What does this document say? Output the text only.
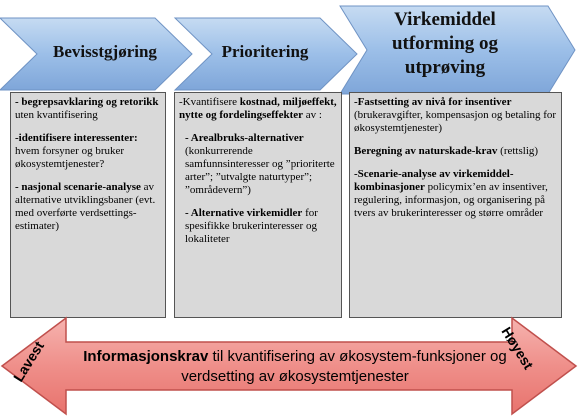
Bevisstgjøring	Prioritering
Virkemiddel
utforming og
utprøving
- begrepsavklaring og retorikk uten kvantifisering
-identifisere interessenter: hvem forsyner og bruker økosystemtjenester?
- nasjonal scenarie-analyse av alternative utviklingsbaner (evt. med overførte verdsettings-estimater)
-Kvantifisere kostnad, miljøeffekt, nytte og fordelingseffekter av :
- Arealbruks-alternativer (konkurrerende samfunnsinteresser og ”prioriterte arter”; ”utvalgte naturtyper”; ”områdevern”)
- Alternative virkemidler for spesifikke brukerinteresser og lokaliteter
-Fastsetting av nivå for insentiver (brukeravgifter, kompensasjon og betaling for økosystemtjenester)
Beregning av naturskade-krav (rettslig)
-Scenarie-analyse av virkemiddel-kombinasjoner policymix’en av insentiver, regulering, informasjon, og organisering på tvers av brukerinteresser og større områder
Informasjonskrav til kvantifisering av økosystem-funksjoner og verdsetting av økosystemtjenester
Lavest	Høyest
